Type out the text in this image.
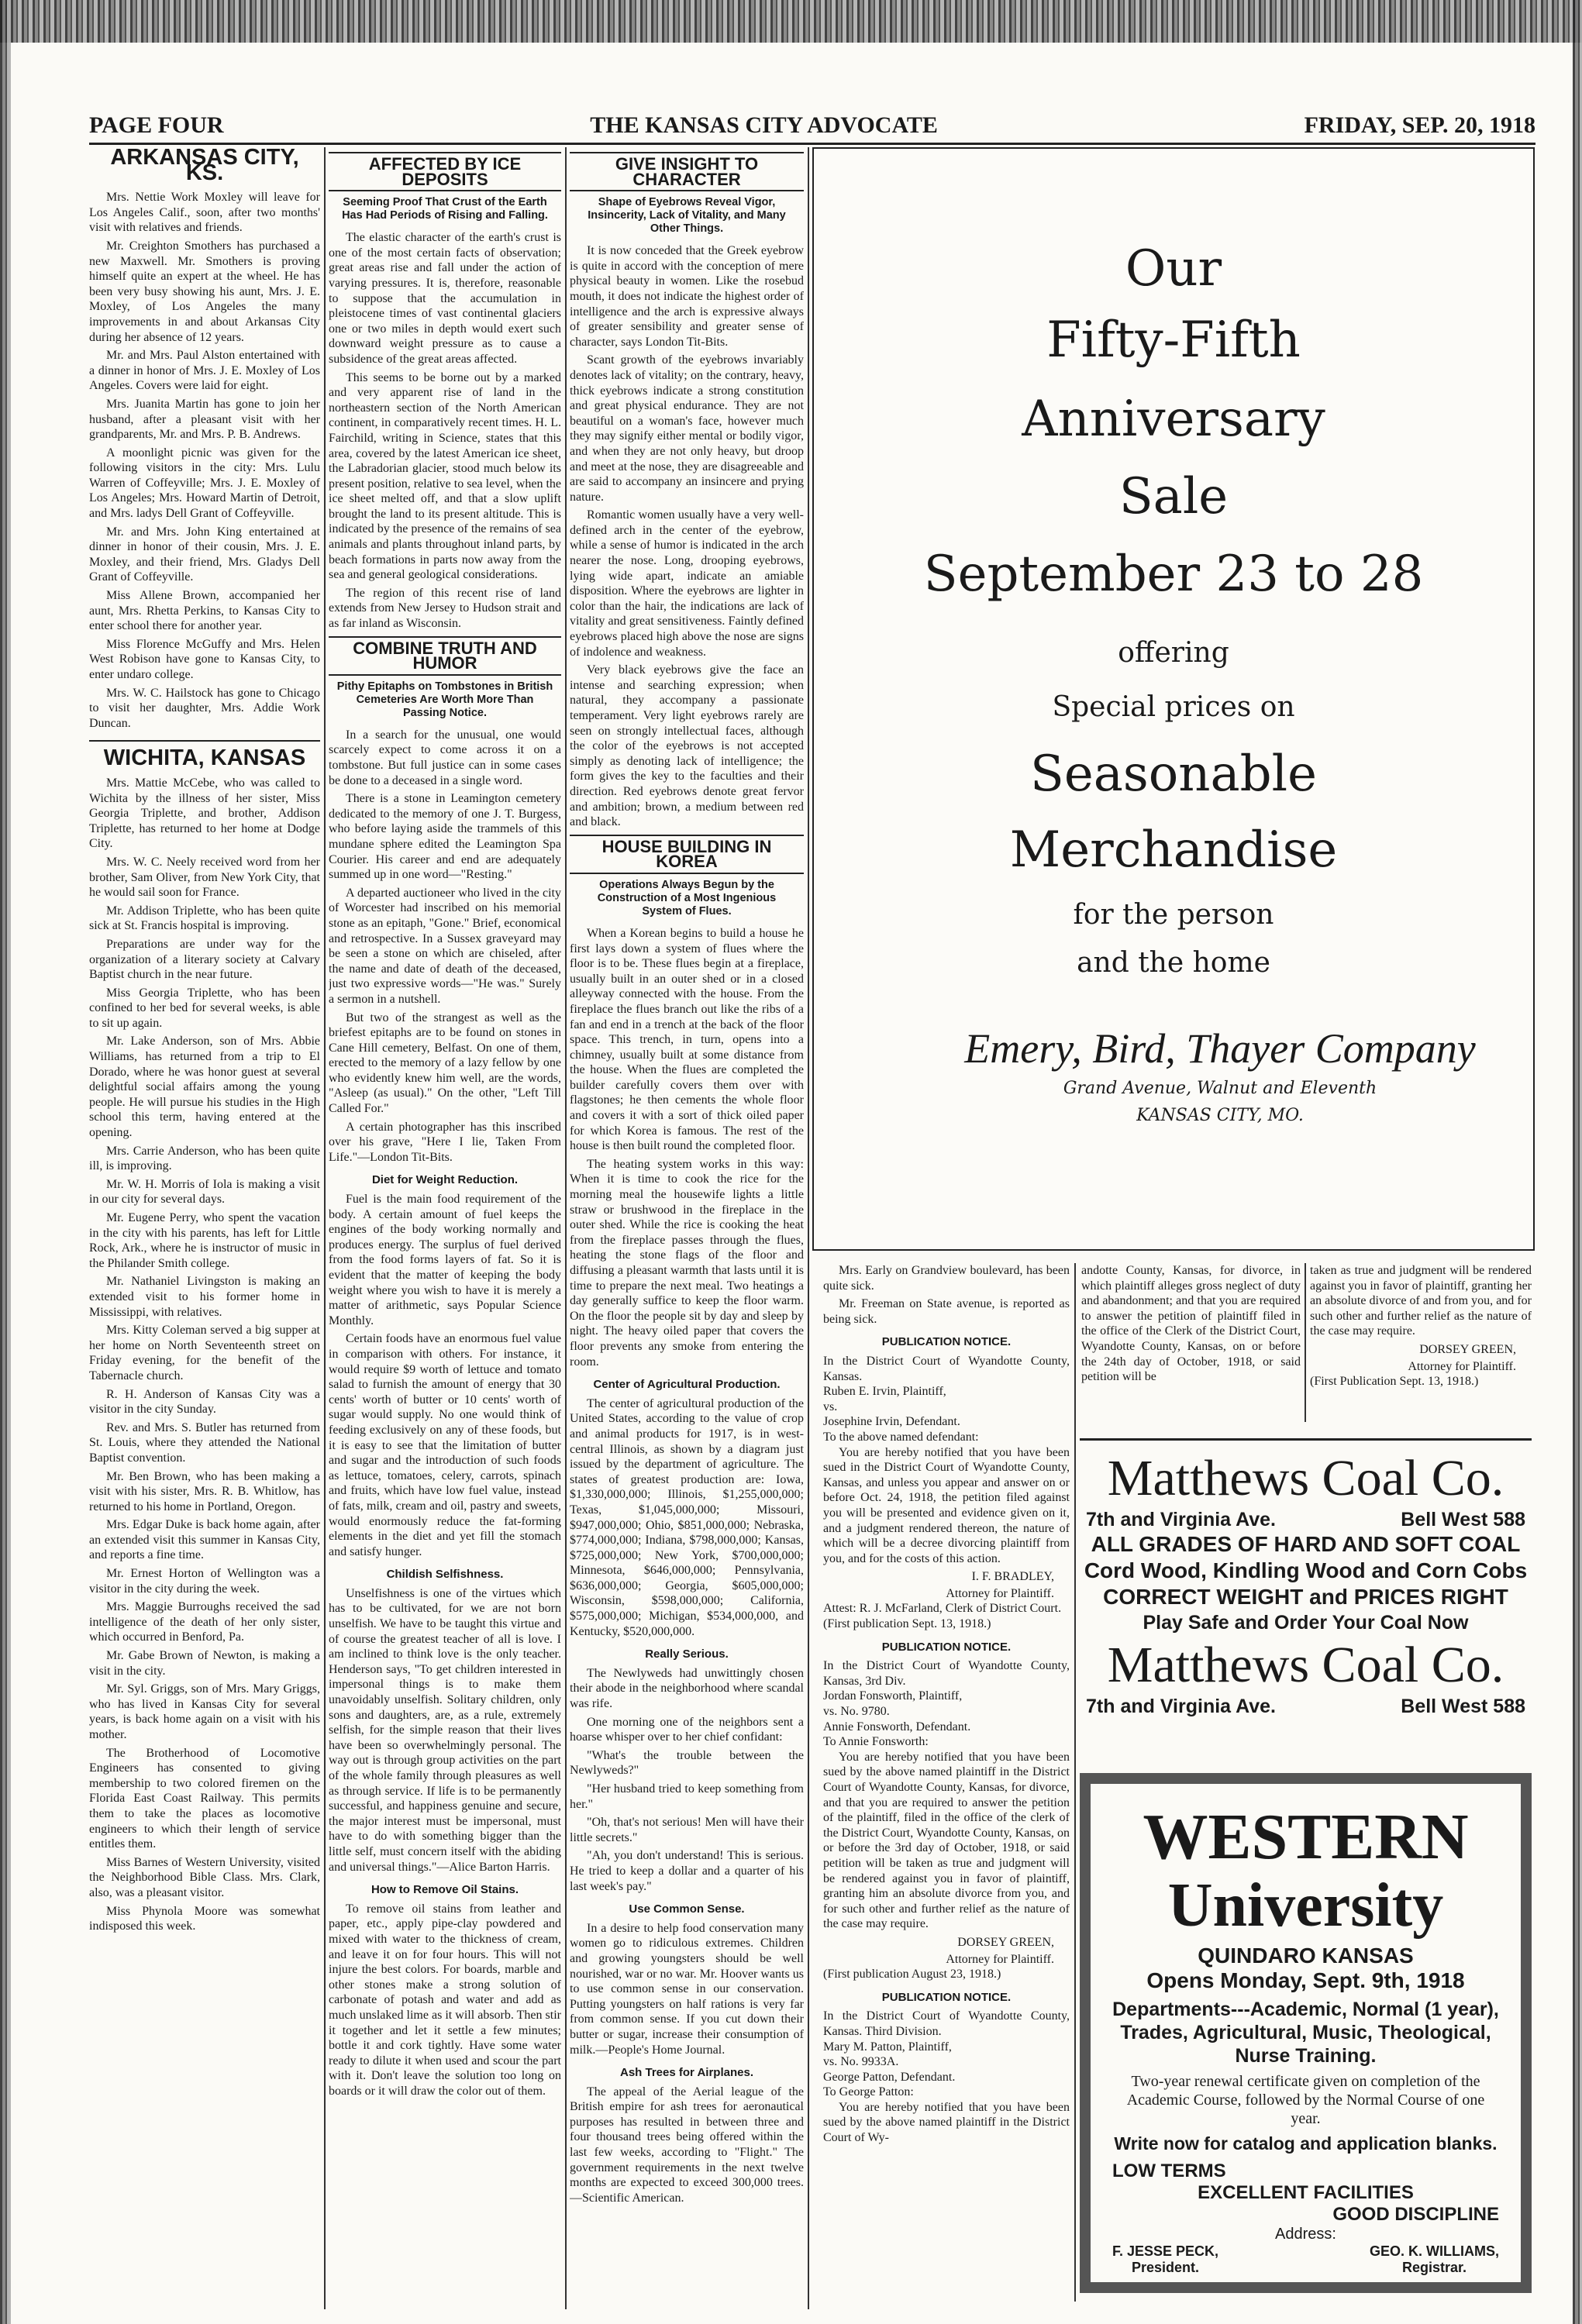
PAGE FOUR	THE KANSAS CITY ADVOCATE	FRIDAY, SEP. 20, 1918
ARKANSAS CITY, KS.

Mrs. Nettie Work Moxley will leave for Los Angeles Calif., soon, after two months' visit with relatives and friends.

Mr. Creighton Smothers has purchased a new Maxwell. Mr. Smothers is proving himself quite an expert at the wheel. He has been very busy showing his aunt, Mrs. J. E. Moxley, of Los Angeles the many improvements in and about Arkansas City during her absence of 12 years.

Mr. and Mrs. Paul Alston entertained with a dinner in honor of Mrs. J. E. Moxley of Los Angeles. Covers were laid for eight.

Mrs. Juanita Martin has gone to join her husband, after a pleasant visit with her grandparents, Mr. and Mrs. P. B. Andrews.

A moonlight picnic was given for the following visitors in the city: Mrs. Lulu Warren of Coffeyville; Mrs. J. E. Moxley of Los Angeles; Mrs. Howard Martin of Detroit, and Mrs. ladys Dell Grant of Coffeyville.

Mr. and Mrs. John King entertained at dinner in honor of their cousin, Mrs. J. E. Moxley, and their friend, Mrs. Gladys Dell Grant of Coffeyville.

Miss Allene Brown, accompanied her aunt, Mrs. Rhetta Perkins, to Kansas City to enter school there for another year.

Miss Florence McGuffy and Mrs. Helen West Robison have gone to Kansas City, to enter undaro college.

Mrs. W. C. Hailstock has gone to Chicago to visit her daughter, Mrs. Addie Work Duncan.

WICHITA, KANSAS

Mrs. Mattie McCebe, who was called to Wichita by the illness of her sister, Miss Georgia Triplette, and brother, Addison Triplette, has returned to her home at Dodge City.

Mrs. W. C. Neely received word from her brother, Sam Oliver, from New York City, that he would sail soon for France.

Mr. Addison Triplette, who has been quite sick at St. Francis hospital is improving.

Preparations are under way for the organization of a literary society at Calvary Baptist church in the near future.

Miss Georgia Triplette, who has been confined to her bed for several weeks, is able to sit up again.

Mr. Lake Anderson, son of Mrs. Abbie Williams, has returned from a trip to El Dorado, where he was honor guest at several delightful social affairs among the young people. He will pursue his studies in the High school this term, having entered at the opening.

Mrs. Carrie Anderson, who has been quite ill, is improving.

Mr. W. H. Morris of Iola is making a visit in our city for several days.

Mr. Eugene Perry, who spent the vacation in the city with his parents, has left for Little Rock, Ark., where he is instructor of music in the Philander Smith college.

Mr. Nathaniel Livingston is making an extended visit to his former home in Mississippi, with relatives.

Mrs. Kitty Coleman served a big supper at her home on North Seventeenth street on Friday evening, for the benefit of the Tabernacle church.

R. H. Anderson of Kansas City was a visitor in the city Sunday.

Rev. and Mrs. S. Butler has returned from St. Louis, where they attended the National Baptist convention.

Mr. Ben Brown, who has been making a visit with his sister, Mrs. R. B. Whitlow, has returned to his home in Portland, Oregon.

Mrs. Edgar Duke is back home again, after an extended visit this summer in Kansas City, and reports a fine time.

Mr. Ernest Horton of Wellington was a visitor in the city during the week.

Mrs. Maggie Burroughs received the sad intelligence of the death of her only sister, which occurred in Benford, Pa.

Mr. Gabe Brown of Newton, is making a visit in the city.

Mr. Syl. Griggs, son of Mrs. Mary Griggs, who has lived in Kansas City for several years, is back home again on a visit with his mother.

The Brotherhood of Locomotive Engineers has consented to giving membership to two colored firemen on the Florida East Coast Railway. This permits them to take the places as locomotive engineers to which their length of service entitles them.

Miss Barnes of Western University, visited the Neighborhood Bible Class. Mrs. Clark, also, was a pleasant visitor.

Miss Phynola Moore was somewhat indisposed this week.

AFFECTED BY ICE DEPOSITS
Seeming Proof That Crust of the Earth Has Had Periods of Rising and Falling.

The elastic character of the earth's crust is one of the most certain facts of observation; great areas rise and fall under the action of varying pressures. It is, therefore, reasonable to suppose that the accumulation in pleistocene times of vast continental glaciers one or two miles in depth would exert such downward weight pressure as to cause a subsidence of the great areas affected.

This seems to be borne out by a marked and very apparent rise of land in the northeastern section of the North American continent, in comparatively recent times. H. L. Fairchild, writing in Science, states that this area, covered by the latest American ice sheet, the Labradorian glacier, stood much below its present position, relative to sea level, when the ice sheet melted off, and that a slow uplift brought the land to its present altitude. This is indicated by the presence of the remains of sea animals and plants throughout inland parts, by beach formations in parts now away from the sea and general geological considerations.

The region of this recent rise of land extends from New Jersey to Hudson strait and as far inland as Wisconsin.

COMBINE TRUTH AND HUMOR
Pithy Epitaphs on Tombstones in British Cemeteries Are Worth More Than Passing Notice.

In a search for the unusual, one would scarcely expect to come across it on a tombstone. But full justice can in some cases be done to a deceased in a single word.

There is a stone in Leamington cemetery dedicated to the memory of one J. T. Burgess, who before laying aside the trammels of this mundane sphere edited the Leamington Spa Courier. His career and end are adequately summed up in one word—"Resting."

A departed auctioneer who lived in the city of Worcester had inscribed on his memorial stone as an epitaph, "Gone." Brief, economical and retrospective. In a Sussex graveyard may be seen a stone on which are chiseled, after the name and date of death of the deceased, just two expressive words—"He was." Surely a sermon in a nutshell.

But two of the strangest as well as the briefest epitaphs are to be found on stones in Cane Hill cemetery, Belfast. On one of them, erected to the memory of a lazy fellow by one who evidently knew him well, are the words, "Asleep (as usual)." On the other, "Left Till Called For."

A certain photographer has this inscribed over his grave, "Here I lie, Taken From Life."—London Tit-Bits.

Diet for Weight Reduction.

Fuel is the main food requirement of the body. A certain amount of fuel keeps the engines of the body working normally and produces energy. The surplus of fuel derived from the food forms layers of fat. So it is evident that the matter of keeping the body weight where you wish to have it is merely a matter of arithmetic, says Popular Science Monthly.

Certain foods have an enormous fuel value in comparison with others. For instance, it would require $9 worth of lettuce and tomato salad to furnish the amount of energy that 30 cents' worth of butter or 10 cents' worth of sugar would supply. No one would think of feeding exclusively on any of these foods, but it is easy to see that the limitation of butter and sugar and the introduction of such foods as lettuce, tomatoes, celery, carrots, spinach and fruits, which have low fuel value, instead of fats, milk, cream and oil, pastry and sweets, would enormously reduce the fat-forming elements in the diet and yet fill the stomach and satisfy hunger.

Childish Selfishness.

Unselfishness is one of the virtues which has to be cultivated, for we are not born unselfish. We have to be taught this virtue and of course the greatest teacher of all is love. I am inclined to think love is the only teacher. Henderson says, "To get children interested in impersonal things is to make them unavoidably unselfish. Solitary children, only sons and daughters, are, as a rule, extremely selfish, for the simple reason that their lives have been so overwhelmingly personal. The way out is through group activities on the part of the whole family through pleasures as well as through service. If life is to be permanently successful, and happiness genuine and secure, the major interest must be impersonal, must have to do with something bigger than the little self, must concern itself with the abiding and universal things."—Alice Barton Harris.

How to Remove Oil Stains.

To remove oil stains from leather and paper, etc., apply pipe-clay powdered and mixed with water to the thickness of cream, and leave it on for four hours. This will not injure the best colors. For boards, marble and other stones make a strong solution of carbonate of potash and water and add as much unslaked lime as it will absorb. Then stir it together and let it settle a few minutes; bottle it and cork tightly. Have some water ready to dilute it when used and scour the part with it. Don't leave the solution too long on boards or it will draw the color out of them.

GIVE INSIGHT TO CHARACTER
Shape of Eyebrows Reveal Vigor, Insincerity, Lack of Vitality, and Many Other Things.

It is now conceded that the Greek eyebrow is quite in accord with the conception of mere physical beauty in women. Like the rosebud mouth, it does not indicate the highest order of intelligence and the arch is expressive always of greater sensibility and greater sense of character, says London Tit-Bits.

Scant growth of the eyebrows invariably denotes lack of vitality; on the contrary, heavy, thick eyebrows indicate a strong constitution and great physical endurance. They are not beautiful on a woman's face, however much they may signify either mental or bodily vigor, and when they are not only heavy, but droop and meet at the nose, they are disagreeable and are said to accompany an insincere and prying nature.

Romantic women usually have a very well-defined arch in the center of the eyebrow, while a sense of humor is indicated in the arch nearer the nose. Long, drooping eyebrows, lying wide apart, indicate an amiable disposition. Where the eyebrows are lighter in color than the hair, the indications are lack of vitality and great sensitiveness. Faintly defined eyebrows placed high above the nose are signs of indolence and weakness.

Very black eyebrows give the face an intense and searching expression; when natural, they accompany a passionate temperament. Very light eyebrows rarely are seen on strongly intellectual faces, although the color of the eyebrows is not accepted simply as denoting lack of intelligence; the form gives the key to the faculties and their direction. Red eyebrows denote great fervor and ambition; brown, a medium between red and black.

HOUSE BUILDING IN KOREA
Operations Always Begun by the Construction of a Most Ingenious System of Flues.

When a Korean begins to build a house he first lays down a system of flues where the floor is to be. These flues begin at a fireplace, usually built in an outer shed or in a closed alleyway connected with the house. From the fireplace the flues branch out like the ribs of a fan and end in a trench at the back of the floor space. This trench, in turn, opens into a chimney, usually built at some distance from the house. When the flues are completed the builder carefully covers them over with flagstones; he then cements the whole floor and covers it with a sort of thick oiled paper for which Korea is famous. The rest of the house is then built round the completed floor.

The heating system works in this way: When it is time to cook the rice for the morning meal the housewife lights a little straw or brushwood in the fireplace in the outer shed. While the rice is cooking the heat from the fireplace passes through the flues, heating the stone flags of the floor and diffusing a pleasant warmth that lasts until it is time to prepare the next meal. Two heatings a day generally suffice to keep the floor warm. On the floor the people sit by day and sleep by night. The heavy oiled paper that covers the floor prevents any smoke from entering the room.

Center of Agricultural Production.

The center of agricultural production of the United States, according to the value of crop and animal products for 1917, is in west-central Illinois, as shown by a diagram just issued by the department of agriculture. The states of greatest production are: Iowa, $1,330,000,000; Illinois, $1,255,000,000; Texas, $1,045,000,000; Missouri, $947,000,000; Ohio, $851,000,000; Nebraska, $774,000,000; Indiana, $798,000,000; Kansas, $725,000,000; New York, $700,000,000; Minnesota, $646,000,000; Pennsylvania, $636,000,000; Georgia, $605,000,000; Wisconsin, $598,000,000; California, $575,000,000; Michigan, $534,000,000, and Kentucky, $520,000,000.

Really Serious.

The Newlyweds had unwittingly chosen their abode in the neighborhood where scandal was rife.

One morning one of the neighbors sent a hoarse whisper over to her chief confidant:

"What's the trouble between the Newlyweds?"

"Her husband tried to keep something from her."

"Oh, that's not serious! Men will have their little secrets."

"Ah, you don't understand! This is serious. He tried to keep a dollar and a quarter of his last week's pay."

Use Common Sense.

In a desire to help food conservation many women go to ridiculous extremes. Children and growing youngsters should be well nourished, war or no war. Mr. Hoover wants us to use common sense in our conservation. Putting youngsters on half rations is very far from common sense. If you cut down their butter or sugar, increase their consumption of milk.—People's Home Journal.

Ash Trees for Airplanes.

The appeal of the Aerial league of the British empire for ash trees for aeronautical purposes has resulted in between three and four thousand trees being offered within the last few weeks, according to "Flight." The government requirements in the next twelve months are expected to exceed 300,000 trees.—Scientific American.

Our
Fifty-Fifth
Anniversary
Sale
September 23 to 28
offering
Special prices on
Seasonable
Merchandise
for the person
and the home
Emery, Bird, Thayer Company
Grand Avenue, Walnut and Eleventh
KANSAS CITY, MO.

Mrs. Early on Grandview boulevard, has been quite sick.

Mr. Freeman on State avenue, is reported as being sick.

PUBLICATION NOTICE.
In the District Court of Wyandotte County, Kansas.
Ruben E. Irvin, Plaintiff,
vs.
Josephine Irvin, Defendant.
To the above named defendant:

You are hereby notified that you have been sued in the District Court of Wyandotte County, Kansas, and unless you appear and answer on or before Oct. 24, 1918, the petition filed against you will be presented and evidence given on it, and a judgment rendered thereon, the nature of which will be a decree divorcing plaintiff from you, and for the costs of this action.

I. F. BRADLEY,
Attorney for Plaintiff.
Attest: R. J. McFarland, Clerk of District Court.
(First publication Sept. 13, 1918.)
PUBLICATION NOTICE.
In the District Court of Wyandotte County, Kansas, 3rd Div.
Jordan Fonsworth, Plaintiff,
vs. No. 9780.
Annie Fonsworth, Defendant.
To Annie Fonsworth:

You are hereby notified that you have been sued by the above named plaintiff in the District Court of Wyandotte County, Kansas, for divorce, and that you are required to answer the petition of the plaintiff, filed in the office of the clerk of the District Court, Wyandotte County, Kansas, on or before the 3rd day of October, 1918, or said petition will be taken as true and judgment will be rendered against you in favor of plaintiff, granting him an absolute divorce from you, and for such other and further relief as the nature of the case may require.

DORSEY GREEN,
Attorney for Plaintiff.
(First publication August 23, 1918.)
PUBLICATION NOTICE.
In the District Court of Wyandotte County, Kansas. Third Division.
Mary M. Patton, Plaintiff,
vs. No. 9933A.
George Patton, Defendant.
To George Patton:

You are hereby notified that you have been sued by the above named plaintiff in the District Court of Wy-

andotte County, Kansas, for divorce, in which plaintiff alleges gross neglect of duty and abandonment; and that you are required to answer the petition of plaintiff filed in the office of the Clerk of the District Court, Wyandotte County, Kansas, on or before the 24th day of October, 1918, or said petition will be

taken as true and judgment will be rendered against you in favor of plaintiff, granting her an absolute divorce of and from you, and for such other and further relief as the nature of the case may require.

DORSEY GREEN,
Attorney for Plaintiff.
(First Publication Sept. 13, 1918.)
Matthews Coal Co.
7th and Virginia Ave.	Bell West 588
ALL GRADES OF HARD AND SOFT COAL
Cord Wood, Kindling Wood and Corn Cobs
CORRECT WEIGHT and PRICES RIGHT
Play Safe and Order Your Coal Now
Matthews Coal Co.
7th and Virginia Ave.	Bell West 588
WESTERN
University
QUINDARO KANSAS
Opens Monday, Sept. 9th, 1918
Departments---Academic, Normal (1 year), Trades, Agricultural, Music, Theological, Nurse Training.
Two-year renewal certificate given on completion of the Academic Course, followed by the Normal Course of one year.
Write now for catalog and application blanks.
LOW TERMS
EXCELLENT FACILITIES
GOOD DISCIPLINE
Address:
F. JESSE PECK,
President.
GEO. K. WILLIAMS,
Registrar.
